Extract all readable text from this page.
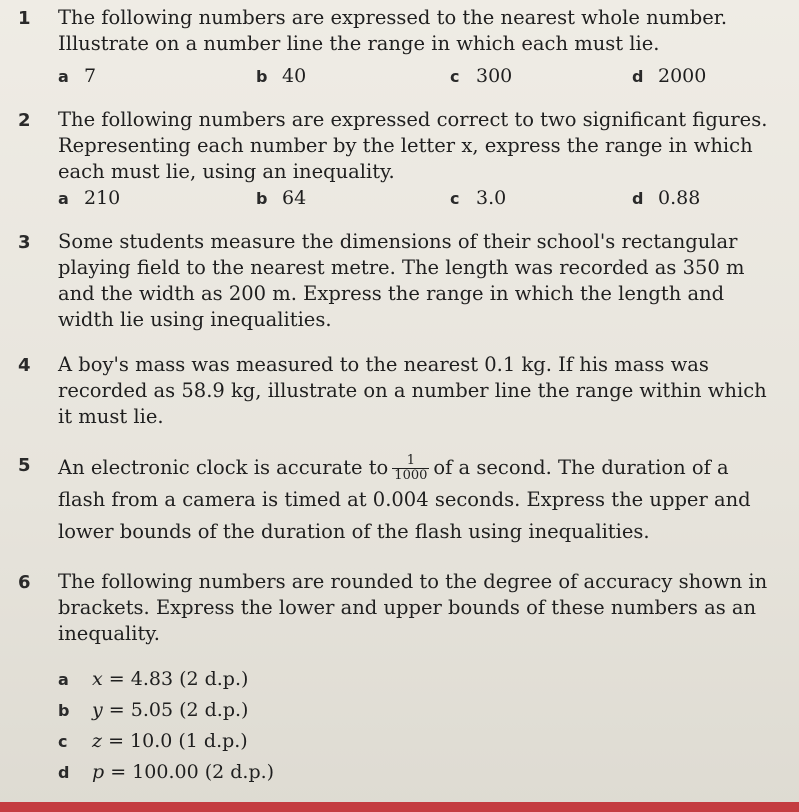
1 The following numbers are expressed to the nearest whole number. Illustrate on a number line the range in which each must lie.
a 7	b 40	c 300	d 2000
2 The following numbers are expressed correct to two significant figures. Representing each number by the letter x, express the range in which each must lie, using an inequality.
a 210	b 64	c 3.0	d 0.88
3 Some students measure the dimensions of their school's rectangular playing field to the nearest metre. The length was recorded as 350 m and the width as 200 m. Express the range in which the length and width lie using inequalities.
4 A boy's mass was measured to the nearest 0.1 kg. If his mass was recorded as 58.9 kg, illustrate on a number line the range within which it must lie.
5 An electronic clock is accurate to $\frac{1}{1000}$ of a second. The duration of a flash from a camera is timed at 0.004 seconds. Express the upper and lower bounds of the duration of the flash using inequalities.
6 The following numbers are rounded to the degree of accuracy shown in brackets. Express the lower and upper bounds of these numbers as an inequality.
a x = 4.83 (2 d.p.)
b y = 5.05 (2 d.p.)
c z = 10.0 (1 d.p.)
d p = 100.00 (2 d.p.)
